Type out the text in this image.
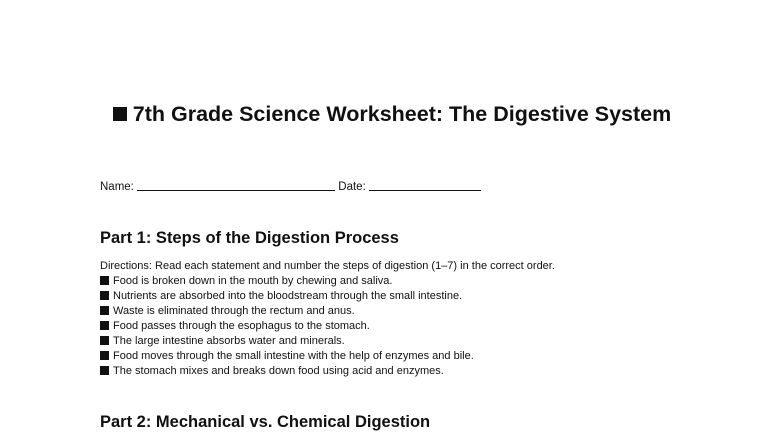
7th Grade Science Worksheet: The Digestive System
Name:	Date:
Part 1: Steps of the Digestion Process
Directions: Read each statement and number the steps of digestion (1–7) in the correct order.
Food is broken down in the mouth by chewing and saliva.
Nutrients are absorbed into the bloodstream through the small intestine.
Waste is eliminated through the rectum and anus.
Food passes through the esophagus to the stomach.
The large intestine absorbs water and minerals.
Food moves through the small intestine with the help of enzymes and bile.
The stomach mixes and breaks down food using acid and enzymes.
Part 2: Mechanical vs. Chemical Digestion
